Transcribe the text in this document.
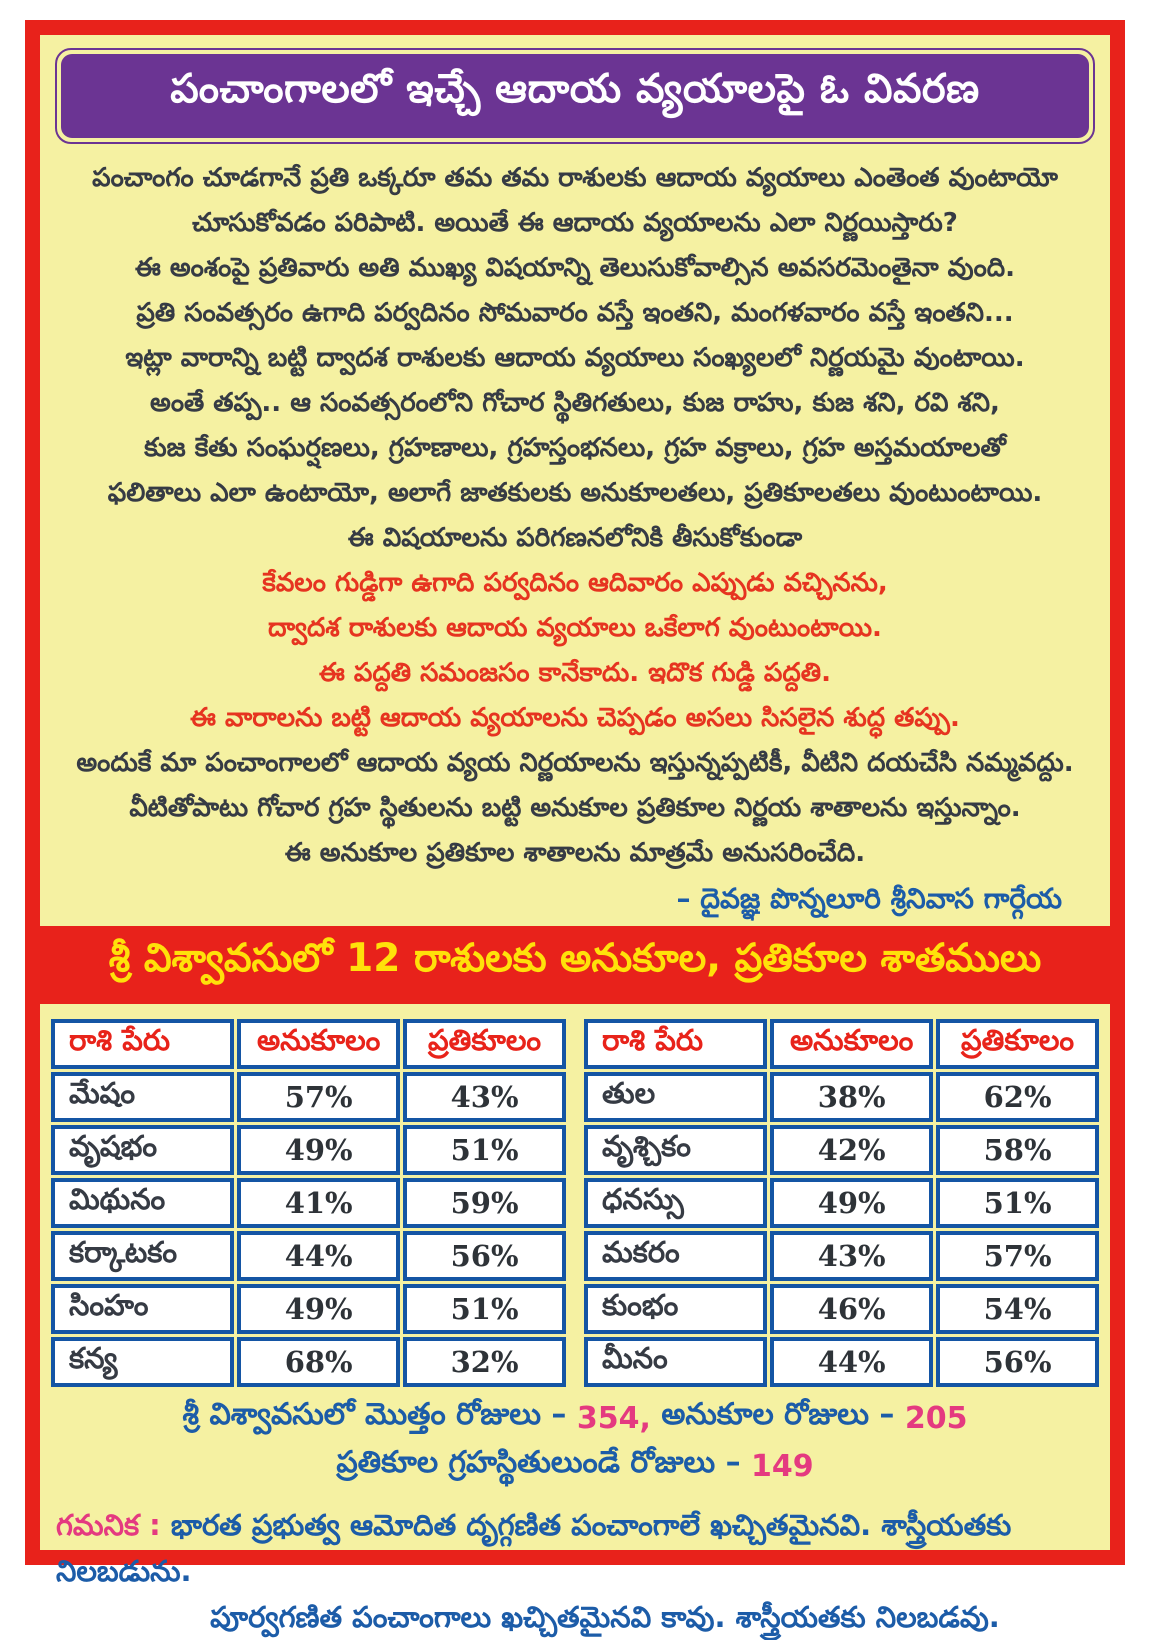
పంచాంగాలలో ఇచ్చే ఆదాయ వ్యయాలపై ఓ వివరణ
పంచాంగం చూడగానే ప్రతి ఒక్కరూ తమ తమ రాశులకు ఆదాయ వ్యయాలు ఎంతెంత వుంటాయో
చూసుకోవడం పరిపాటి. అయితే ఈ ఆదాయ వ్యయాలను ఎలా నిర్ణయిస్తారు?
ఈ అంశంపై ప్రతివారు అతి ముఖ్య విషయాన్ని తెలుసుకోవాల్సిన అవసరమెంతైనా వుంది.
ప్రతి సంవత్సరం ఉగాది పర్వదినం సోమవారం వస్తే ఇంతని, మంగళవారం వస్తే ఇంతని...
ఇట్లా వారాన్ని బట్టి ద్వాదశ రాశులకు ఆదాయ వ్యయాలు సంఖ్యలలో నిర్ణయమై వుంటాయి.
అంతే తప్ప.. ఆ సంవత్సరంలోని గోచార స్థితిగతులు, కుజ రాహు, కుజ శని, రవి శని,
కుజ కేతు సంఘర్షణలు, గ్రహణాలు, గ్రహస్తంభనలు, గ్రహ వక్రాలు, గ్రహ అస్తమయాలతో
ఫలితాలు ఎలా ఉంటాయో, అలాగే జాతకులకు అనుకూలతలు, ప్రతికూలతలు వుంటుంటాయి.
ఈ విషయాలను పరిగణనలోనికి తీసుకోకుండా
కేవలం గుడ్డిగా ఉగాది పర్వదినం ఆదివారం ఎప్పుడు వచ్చినను,
ద్వాదశ రాశులకు ఆదాయ వ్యయాలు ఒకేలాగ వుంటుంటాయి.
ఈ పద్దతి సమంజసం కానేకాదు. ఇదొక గుడ్డి పద్దతి.
ఈ వారాలను బట్టి ఆదాయ వ్యయాలను చెప్పడం అసలు సిసలైన శుద్ధ తప్పు.
అందుకే మా పంచాంగాలలో ఆదాయ వ్యయ నిర్ణయాలను ఇస్తున్నప్పటికీ, వీటిని దయచేసి నమ్మవద్దు.
వీటితోపాటు గోచార గ్రహ స్థితులను బట్టి అనుకూల ప్రతికూల నిర్ణయ శాతాలను ఇస్తున్నాం.
ఈ అనుకూల ప్రతికూల శాతాలను మాత్రమే అనుసరించేది.
– దైవజ్ఞ పొన్నలూరి శ్రీనివాస గార్గేయ
శ్రీ విశ్వావసులో 12 రాశులకు అనుకూల, ప్రతికూల శాతములు
రాశి పేరు	అనుకూలం	ప్రతికూలం
మేషం	57%	43%
వృషభం	49%	51%
మిథునం	41%	59%
కర్కాటకం	44%	56%
సింహం	49%	51%
కన్య	68%	32%
రాశి పేరు	అనుకూలం	ప్రతికూలం
తుల	38%	62%
వృశ్చికం	42%	58%
ధనస్సు	49%	51%
మకరం	43%	57%
కుంభం	46%	54%
మీనం	44%	56%
శ్రీ విశ్వావసులో మొత్తం రోజులు – 354, అనుకూల రోజులు – 205
ప్రతికూల గ్రహస్థితులుండే రోజులు – 149
గమనిక : భారత ప్రభుత్వ ఆమోదిత దృగ్గణిత పంచాంగాలే ఖచ్చితమైనవి. శాస్త్రీయతకు నిలబడును.
పూర్వగణిత పంచాంగాలు ఖచ్చితమైనవి కావు. శాస్త్రీయతకు నిలబడవు.
